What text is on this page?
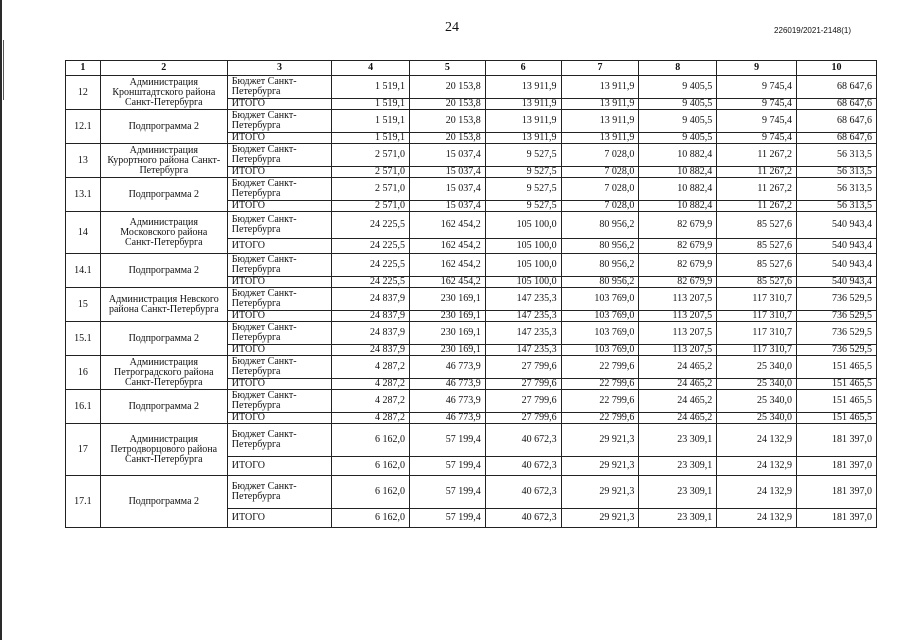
24	226019/2021-2148(1)
1	2	3	4	5	6	7	8	9	10
12	Администрация Кронштадтского района Санкт-Петербурга	Бюджет Санкт-Петербурга	1 519,1	20 153,8	13 911,9	13 911,9	9 405,5	9 745,4	68 647,6
		ИТОГО	1 519,1	20 153,8	13 911,9	13 911,9	9 405,5	9 745,4	68 647,6
12.1	Подпрограмма 2	Бюджет Санкт-Петербурга	1 519,1	20 153,8	13 911,9	13 911,9	9 405,5	9 745,4	68 647,6
		ИТОГО	1 519,1	20 153,8	13 911,9	13 911,9	9 405,5	9 745,4	68 647,6
13	Администрация Курортного района Санкт-Петербурга	Бюджет Санкт-Петербурга	2 571,0	15 037,4	9 527,5	7 028,0	10 882,4	11 267,2	56 313,5
		ИТОГО	2 571,0	15 037,4	9 527,5	7 028,0	10 882,4	11 267,2	56 313,5
13.1	Подпрограмма 2	Бюджет Санкт-Петербурга	2 571,0	15 037,4	9 527,5	7 028,0	10 882,4	11 267,2	56 313,5
		ИТОГО	2 571,0	15 037,4	9 527,5	7 028,0	10 882,4	11 267,2	56 313,5
14	Администрация Московского района Санкт-Петербурга	Бюджет Санкт-Петербурга	24 225,5	162 454,2	105 100,0	80 956,2	82 679,9	85 527,6	540 943,4
		ИТОГО	24 225,5	162 454,2	105 100,0	80 956,2	82 679,9	85 527,6	540 943,4
14.1	Подпрограмма 2	Бюджет Санкт-Петербурга	24 225,5	162 454,2	105 100,0	80 956,2	82 679,9	85 527,6	540 943,4
		ИТОГО	24 225,5	162 454,2	105 100,0	80 956,2	82 679,9	85 527,6	540 943,4
15	Администрация Невского района Санкт-Петербурга	Бюджет Санкт-Петербурга	24 837,9	230 169,1	147 235,3	103 769,0	113 207,5	117 310,7	736 529,5
		ИТОГО	24 837,9	230 169,1	147 235,3	103 769,0	113 207,5	117 310,7	736 529,5
15.1	Подпрограмма 2	Бюджет Санкт-Петербурга	24 837,9	230 169,1	147 235,3	103 769,0	113 207,5	117 310,7	736 529,5
		ИТОГО	24 837,9	230 169,1	147 235,3	103 769,0	113 207,5	117 310,7	736 529,5
16	Администрация Петроградского района Санкт-Петербурга	Бюджет Санкт-Петербурга	4 287,2	46 773,9	27 799,6	22 799,6	24 465,2	25 340,0	151 465,5
		ИТОГО	4 287,2	46 773,9	27 799,6	22 799,6	24 465,2	25 340,0	151 465,5
16.1	Подпрограмма 2	Бюджет Санкт-Петербурга	4 287,2	46 773,9	27 799,6	22 799,6	24 465,2	25 340,0	151 465,5
		ИТОГО	4 287,2	46 773,9	27 799,6	22 799,6	24 465,2	25 340,0	151 465,5
17	Администрация Петродворцового района Санкт-Петербурга	Бюджет Санкт-Петербурга	6 162,0	57 199,4	40 672,3	29 921,3	23 309,1	24 132,9	181 397,0
		ИТОГО	6 162,0	57 199,4	40 672,3	29 921,3	23 309,1	24 132,9	181 397,0
17.1	Подпрограмма 2	Бюджет Санкт-Петербурга	6 162,0	57 199,4	40 672,3	29 921,3	23 309,1	24 132,9	181 397,0
		ИТОГО	6 162,0	57 199,4	40 672,3	29 921,3	23 309,1	24 132,9	181 397,0
